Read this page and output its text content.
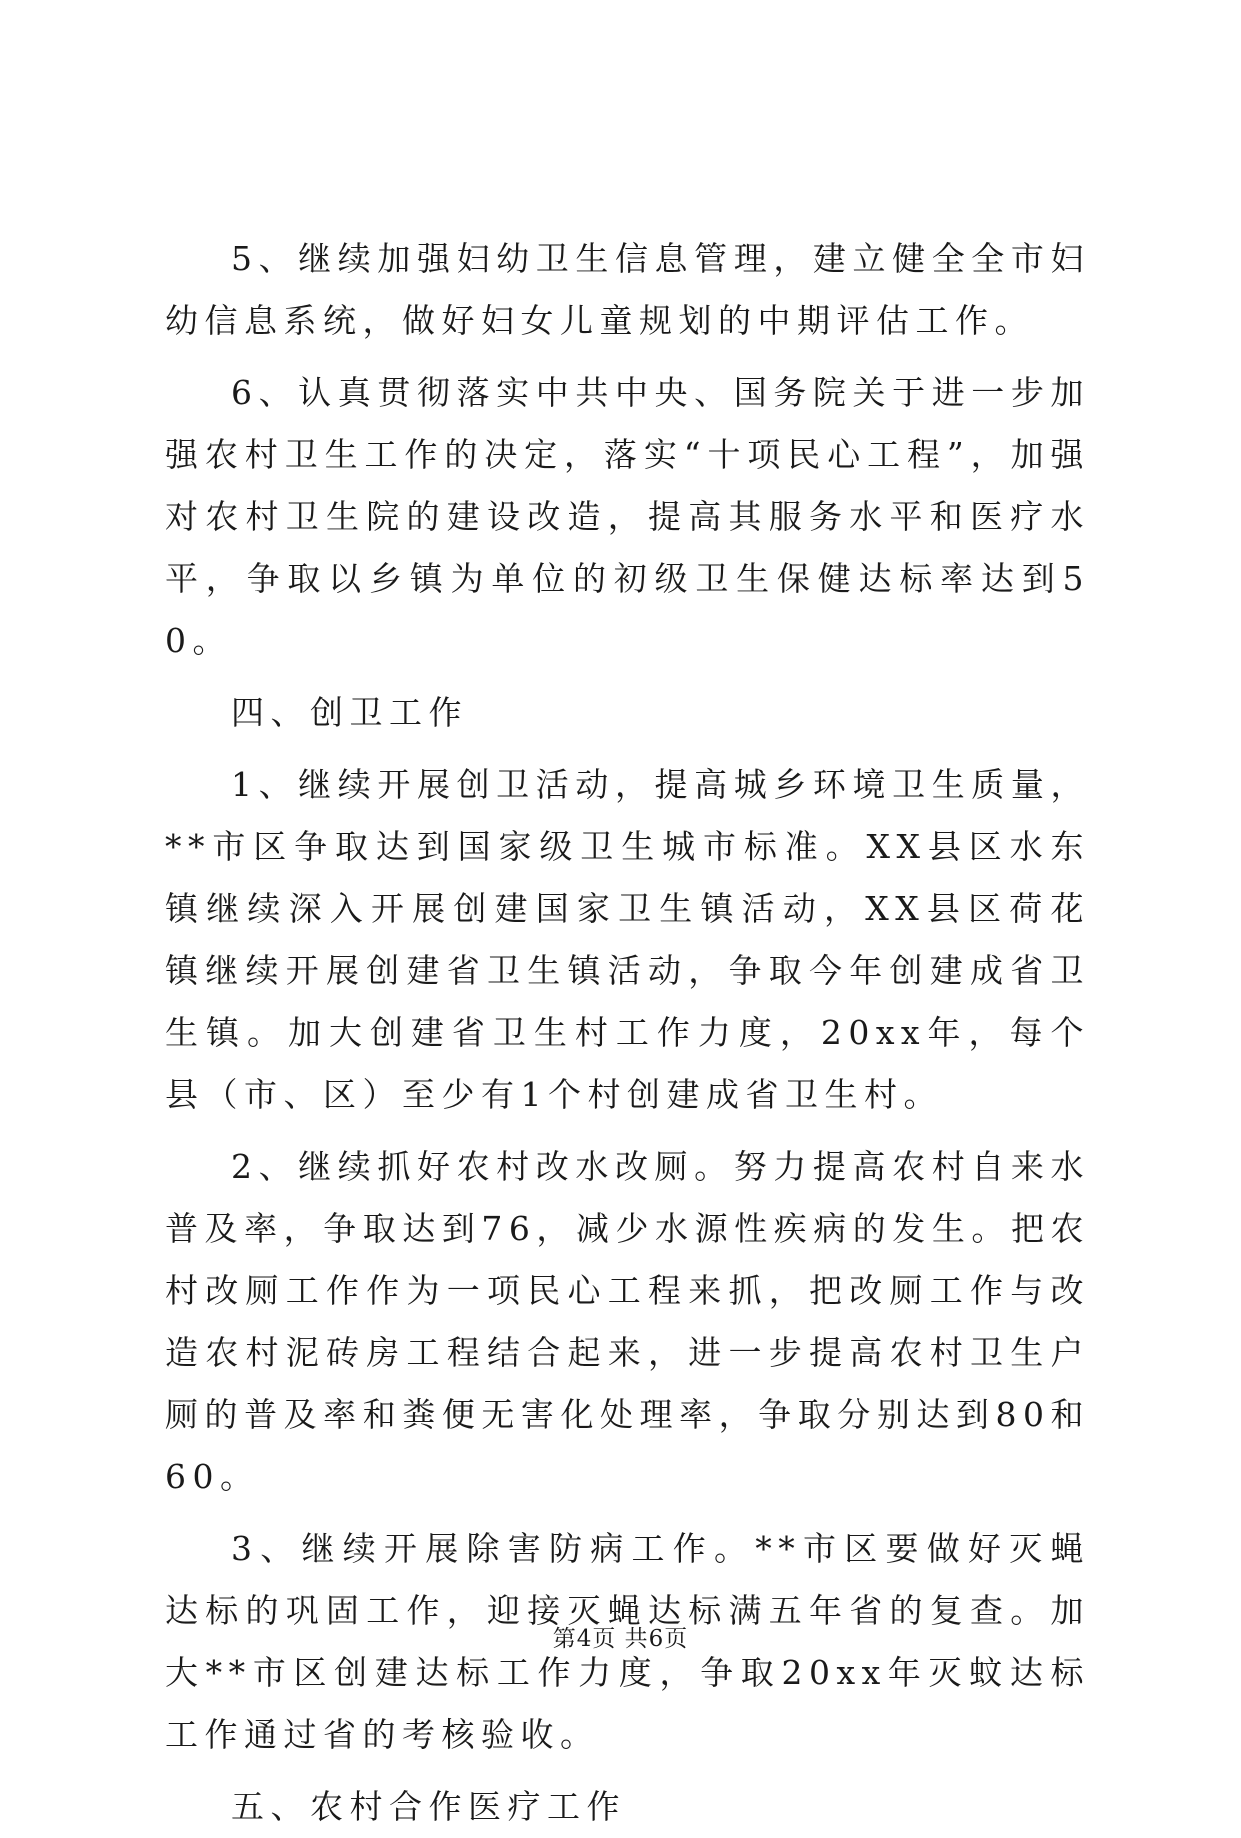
5、继续加强妇幼卫生信息管理，建立健全全市妇幼信息系统，做好妇女儿童规划的中期评估工作。

6、认真贯彻落实中共中央、国务院关于进一步加强农村卫生工作的决定，落实“十项民心工程”，加强对农村卫生院的建设改造，提高其服务水平和医疗水平，争取以乡镇为单位的初级卫生保健达标率达到50。

四、创卫工作

1、继续开展创卫活动，提高城乡环境卫生质量，**市区争取达到国家级卫生城市标准。XX县区水东镇继续深入开展创建国家卫生镇活动，XX县区荷花镇继续开展创建省卫生镇活动，争取今年创建成省卫生镇。加大创建省卫生村工作力度，20xx年，每个县（市、区）至少有1个村创建成省卫生村。

2、继续抓好农村改水改厕。努力提高农村自来水普及率，争取达到76，减少水源性疾病的发生。把农村改厕工作作为一项民心工程来抓，把改厕工作与改造农村泥砖房工程结合起来，进一步提高农村卫生户厕的普及率和粪便无害化处理率，争取分别达到80和60。

3、继续开展除害防病工作。**市区要做好灭蝇达标的巩固工作，迎接灭蝇达标满五年省的复查。加大**市区创建达标工作力度，争取20xx年灭蚊达标工作通过省的考核验收。

五、农村合作医疗工作

第4页 共6页
